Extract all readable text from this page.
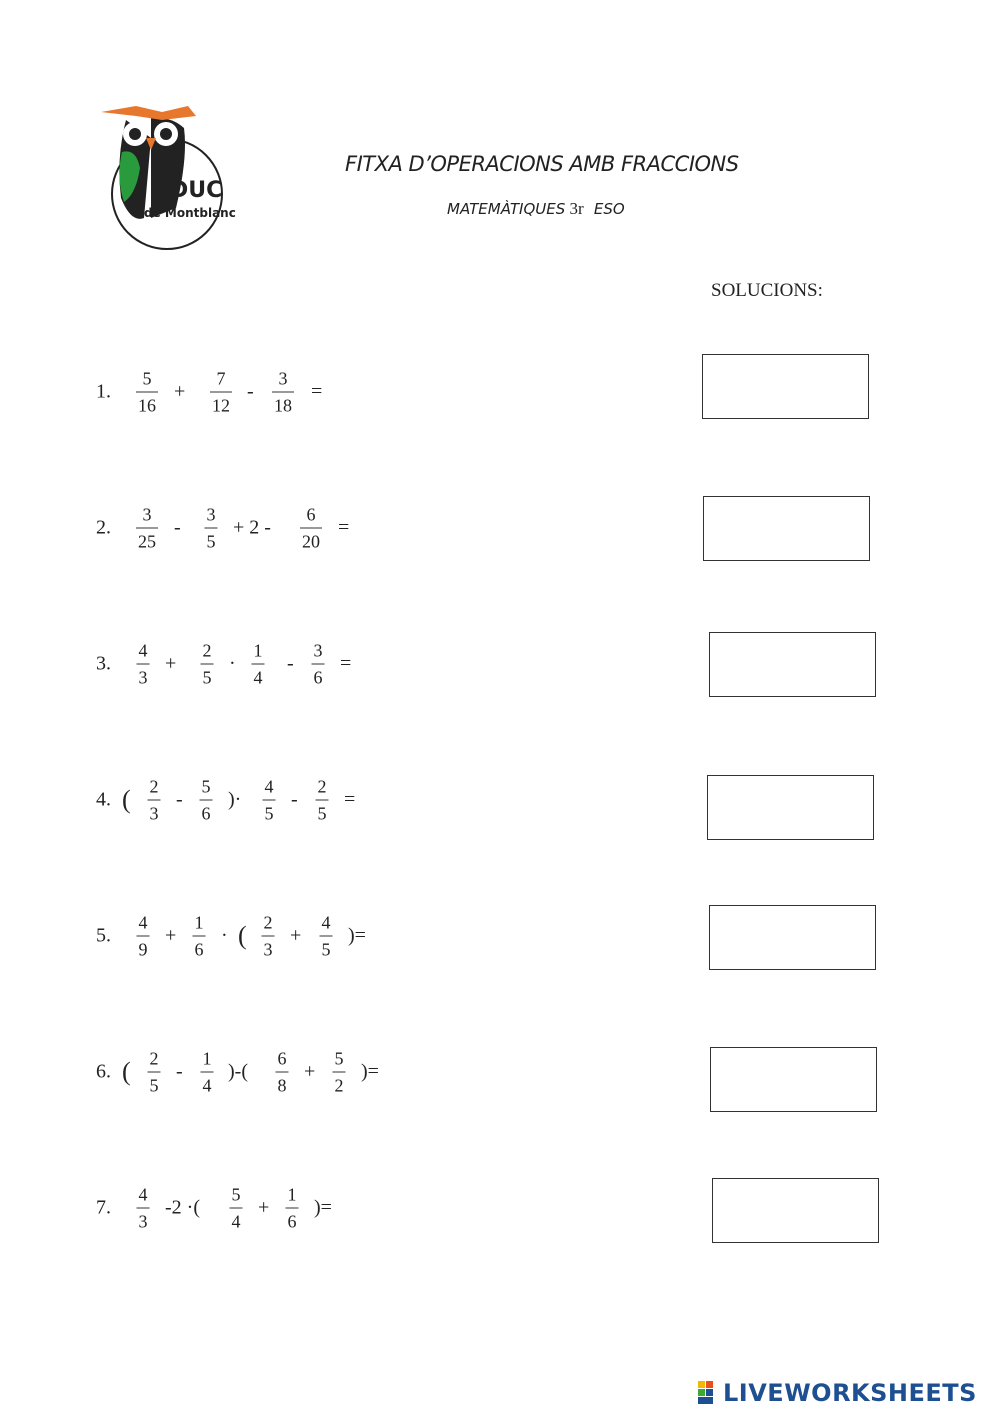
DUC
de Montblanc
FITXA D’OPERACIONS AMB FRACCIONS
MATEMÀTIQUES 3r ESO
SOLUCIONS:
1.
5
16
+
7
12
-
3
18
=
2.
3
25
-
3
5
+ 2 -
6
20
=
3.
4
3
+
2
5
·
1
4
-
3
6
=
4. ( 2
3
-
5
6
)·
4
5
-
2
5
=
5.
4
9
+
1
6
· ( 2
3
+
4
5
)=
6. ( 2
5
-
1
4
)-(
6
8
+
5
2
)=
7.
4
3
-2 ·(
5
4
+
1
6
)=
LIVEWORKSHEETS
